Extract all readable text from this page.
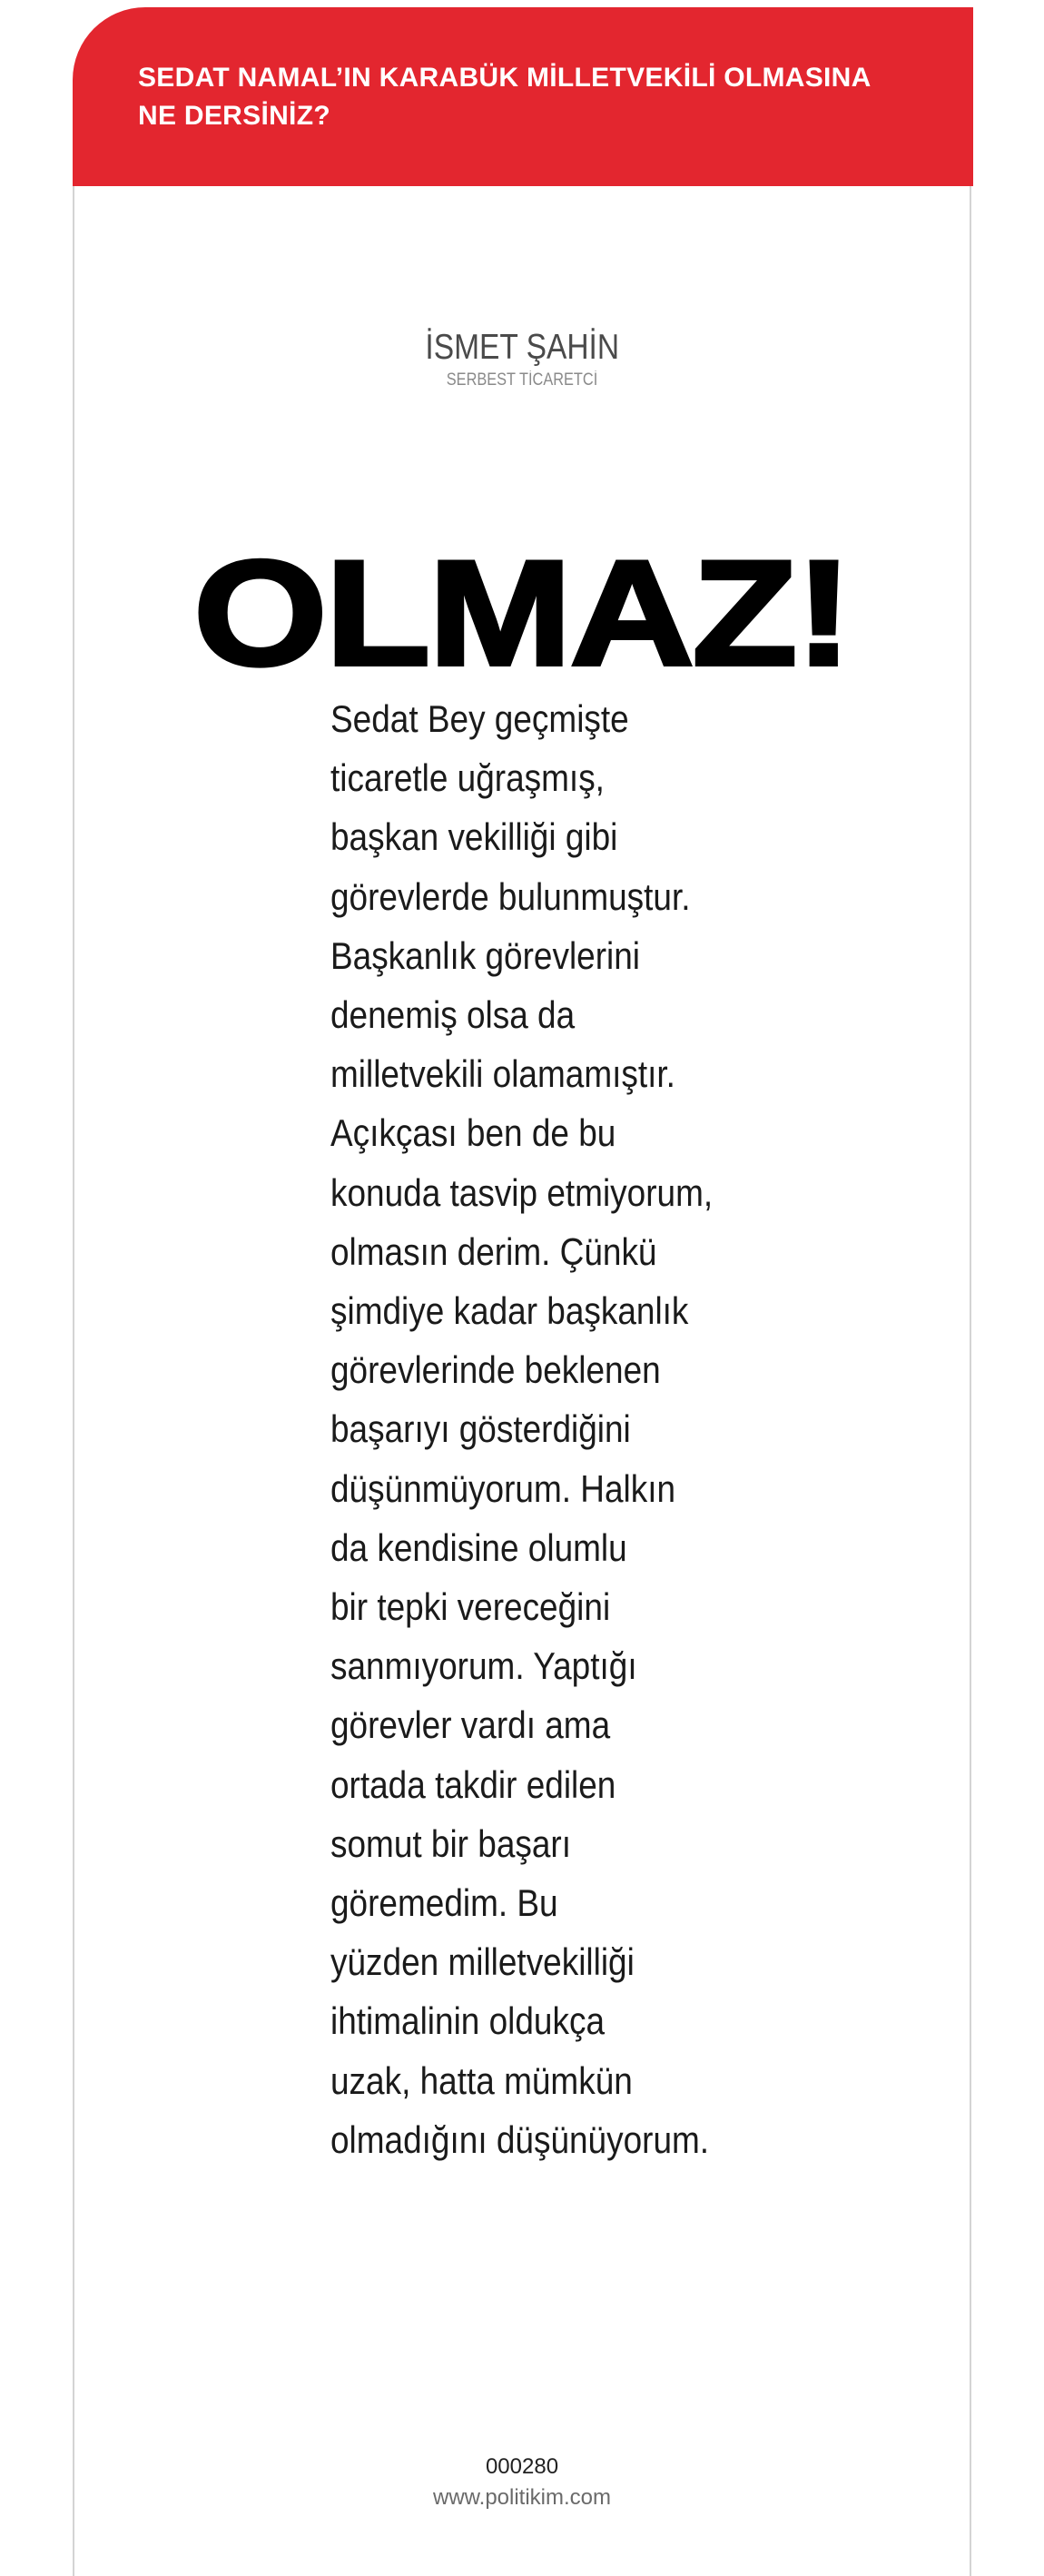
SEDAT NAMAL’IN KARABÜK MİLLETVEKİLİ OLMASINA NE DERSİNİZ?
İSMET ŞAHİN
SERBEST TİCARETCİ
OLMAZ!
Sedat Bey geçmişte
ticaretle uğraşmış,
başkan vekilliği gibi
görevlerde bulunmuştur.
Başkanlık görevlerini
denemiş olsa da
milletvekili olamamıştır.
Açıkçası ben de bu
konuda tasvip etmiyorum,
olmasın derim. Çünkü
şimdiye kadar başkanlık
görevlerinde beklenen
başarıyı gösterdiğini
düşünmüyorum. Halkın
da kendisine olumlu
bir tepki vereceğini
sanmıyorum. Yaptığı
görevler vardı ama
ortada takdir edilen
somut bir başarı
göremedim. Bu
yüzden milletvekilliği
ihtimalinin oldukça
uzak, hatta mümkün
olmadığını düşünüyorum.
000280
www.politikim.com
